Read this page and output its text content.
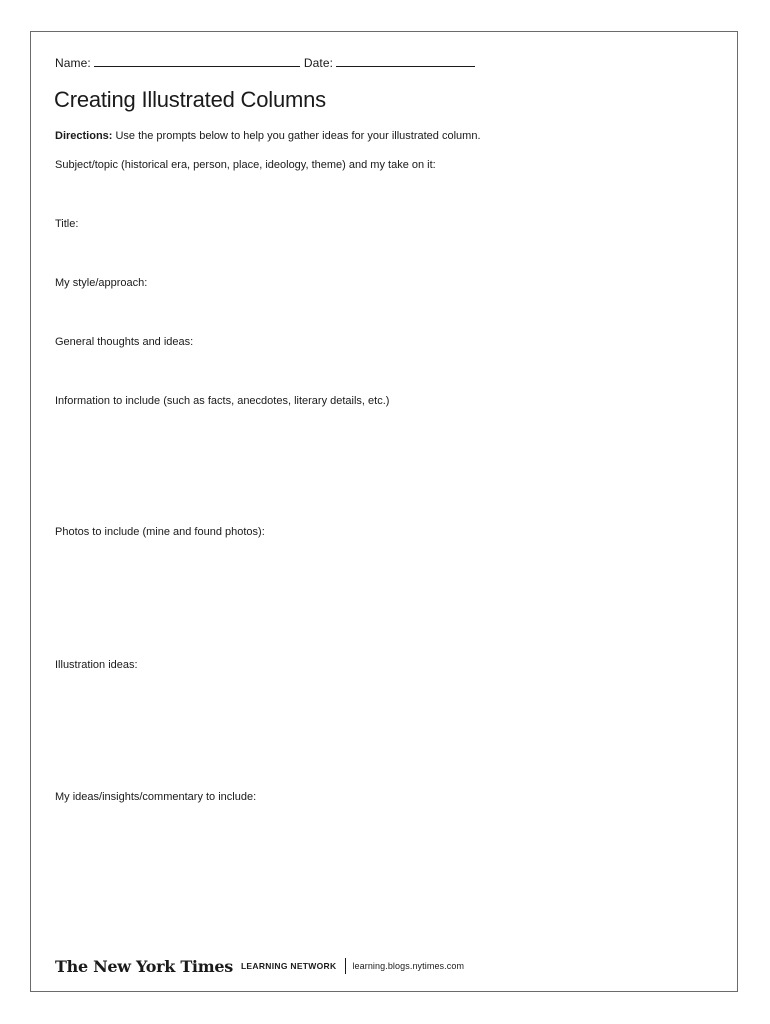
Name:	Date:
Creating Illustrated Columns
Directions: Use the prompts below to help you gather ideas for your illustrated column.
Subject/topic (historical era, person, place, ideology, theme) and my take on it:
Title:
My style/approach:
General thoughts and ideas:
Information to include (such as facts, anecdotes, literary details, etc.)
Photos to include (mine and found photos):
Illustration ideas:
My ideas/insights/commentary to include:
The New York Times LEARNING NETWORK learning.blogs.nytimes.com
